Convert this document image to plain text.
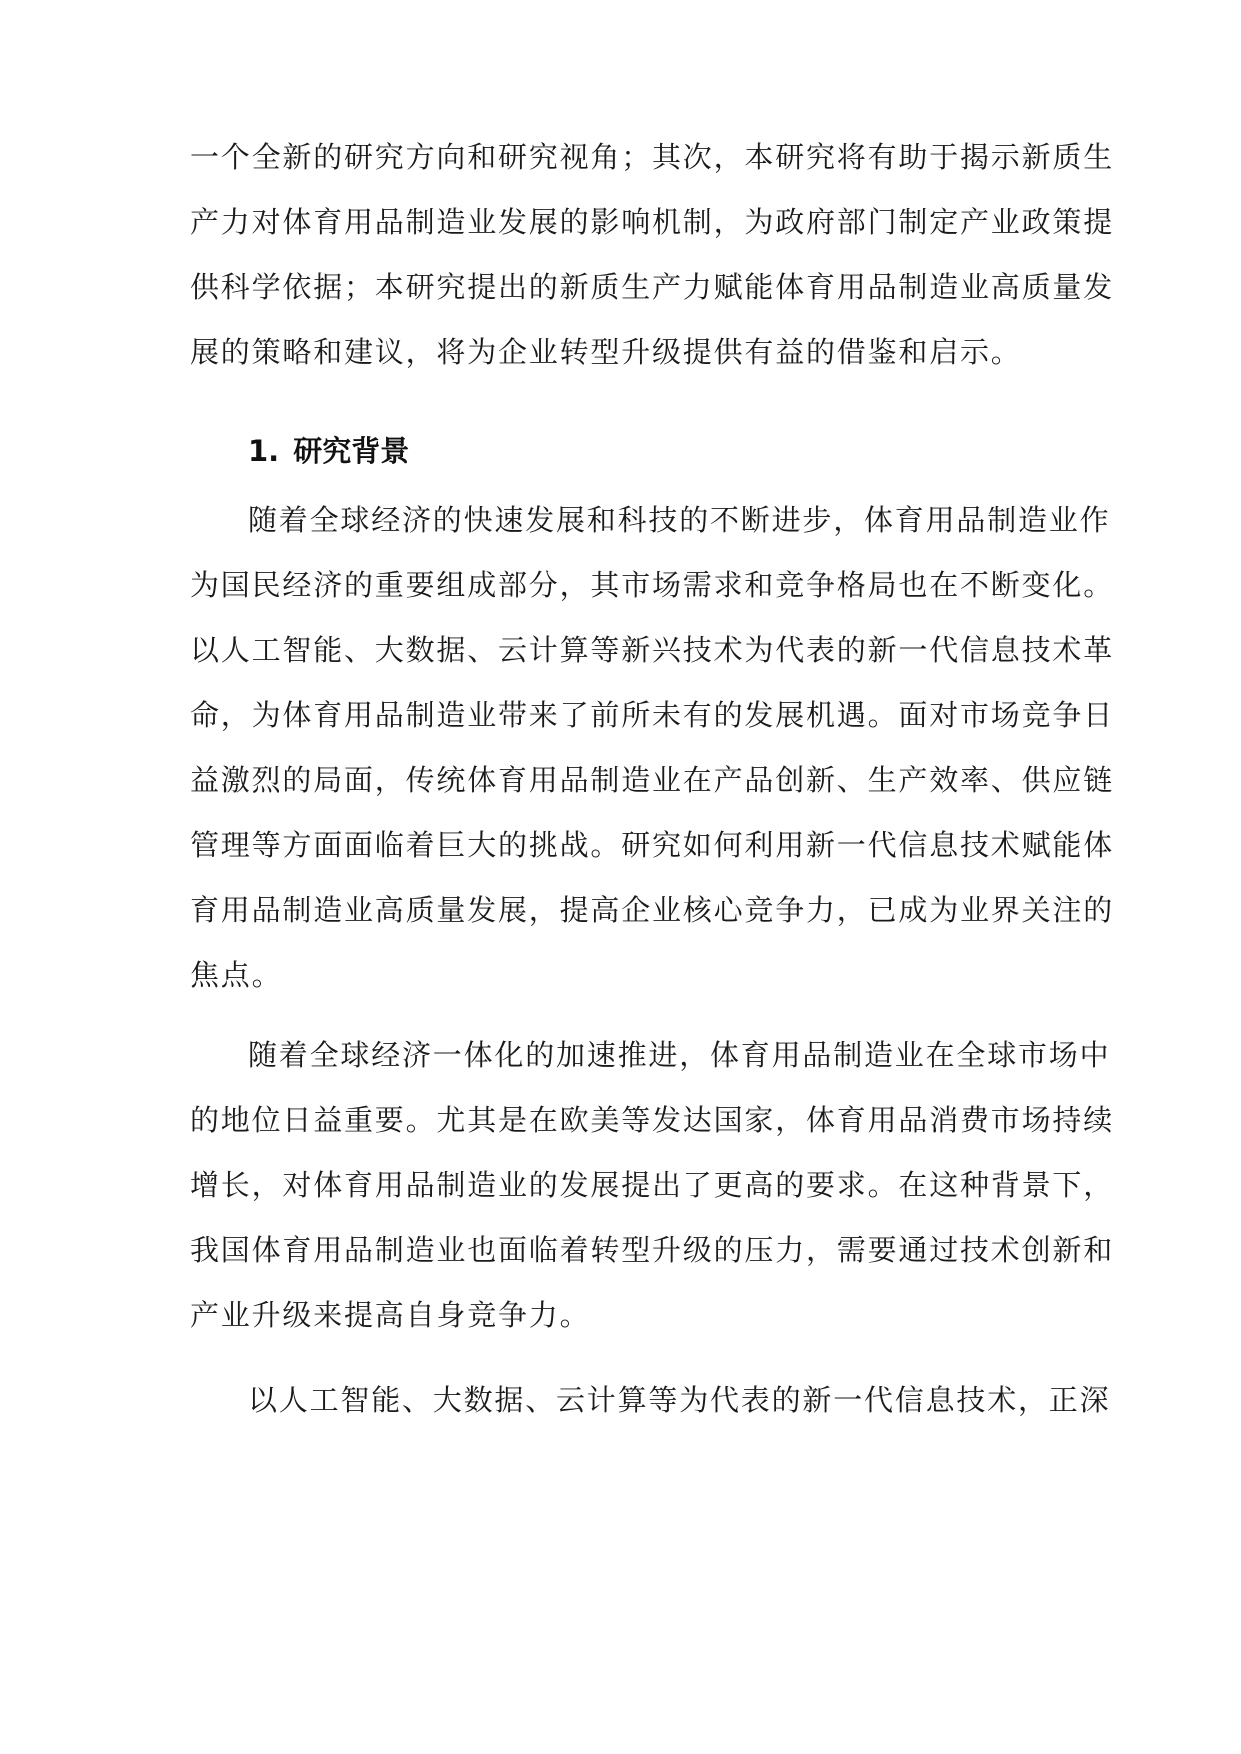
一个全新的研究方向和研究视角；其次，本研究将有助于揭示新质生
产力对体育用品制造业发展的影响机制，为政府部门制定产业政策提
供科学依据；本研究提出的新质生产力赋能体育用品制造业高质量发
展的策略和建议，将为企业转型升级提供有益的借鉴和启示。
1. 研究背景
随着全球经济的快速发展和科技的不断进步，体育用品制造业作
为国民经济的重要组成部分，其市场需求和竞争格局也在不断变化。
以人工智能、大数据、云计算等新兴技术为代表的新一代信息技术革
命，为体育用品制造业带来了前所未有的发展机遇。面对市场竞争日
益激烈的局面，传统体育用品制造业在产品创新、生产效率、供应链
管理等方面面临着巨大的挑战。研究如何利用新一代信息技术赋能体
育用品制造业高质量发展，提高企业核心竞争力，已成为业界关注的
焦点。
随着全球经济一体化的加速推进，体育用品制造业在全球市场中
的地位日益重要。尤其是在欧美等发达国家，体育用品消费市场持续
增长，对体育用品制造业的发展提出了更高的要求。在这种背景下，
我国体育用品制造业也面临着转型升级的压力，需要通过技术创新和
产业升级来提高自身竞争力。
以人工智能、大数据、云计算等为代表的新一代信息技术，正深
